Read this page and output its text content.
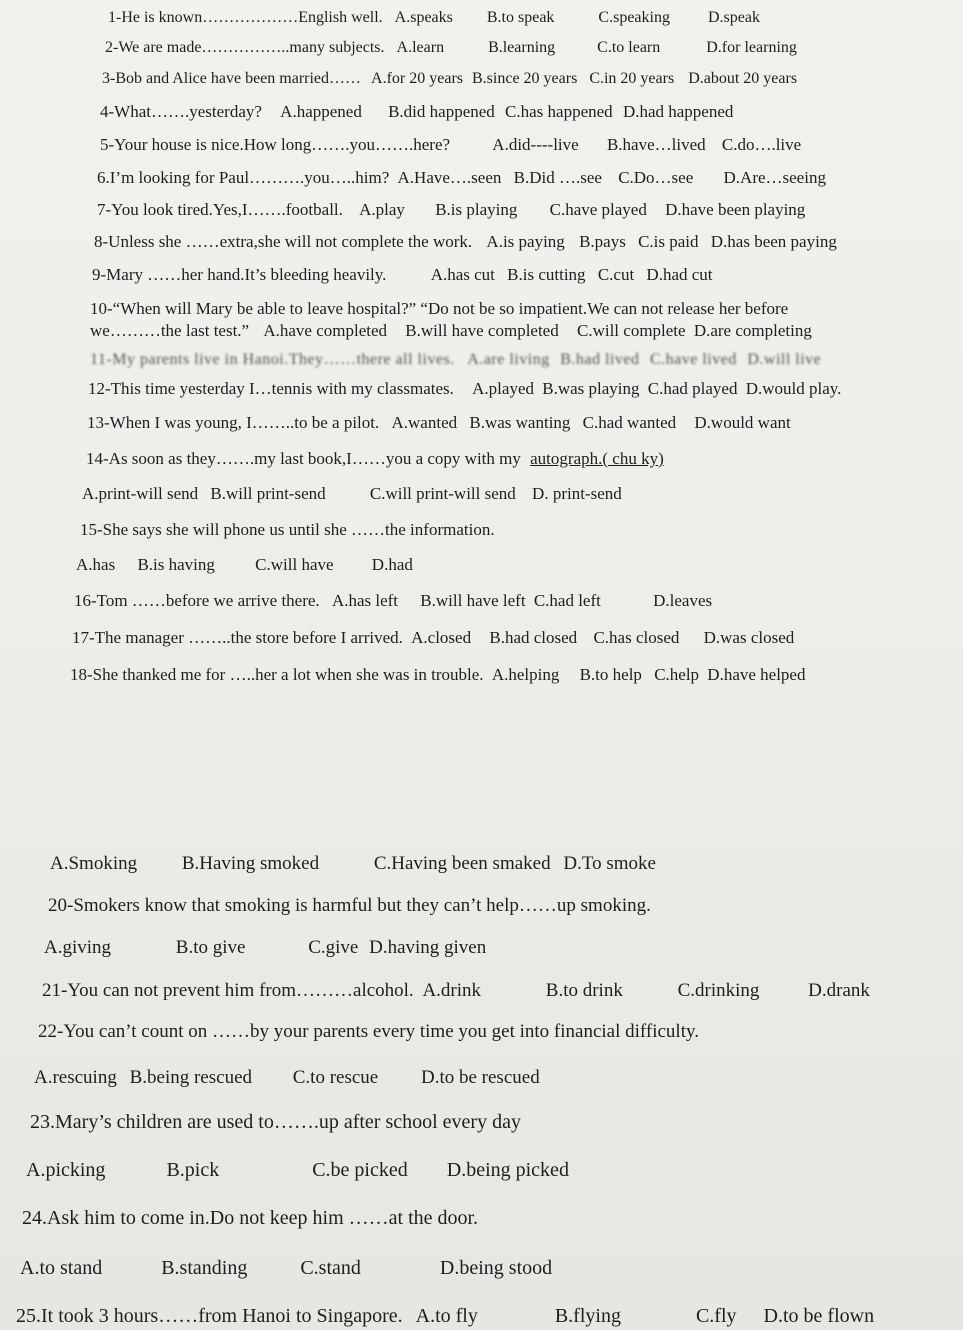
1-He is known………………English well. A.speaks B.to speak	C.speaking D.speak
2-We are made……………..many subjects. A.learn	B.learning	C.to learn	D.for learning
3-Bob and Alice have been married…… A.for 20 years B.since 20 years C.in 20 years D.about 20 years
4-What…….yesterday? A.happened B.did happened C.has happened D.had happened
5-Your house is nice.How long…….you…….here? A.did----live B.have…lived C.do….live
6.I’m looking for Paul……….you…..him? A.Have….seen B.Did ….see C.Do…see D.Are…seeing
7-You look tired.Yes,I…….football. A.play B.is playing C.have played D.have been playing
8-Unless she ……extra,she will not complete the work. A.is paying B.pays C.is paid D.has been paying
9-Mary ……her hand.It’s bleeding heavily.	A.has cut B.is cutting C.cut D.had cut
10-“When will Mary be able to leave hospital?” “Do not be so impatient.We can not release her before
we………the last test.” A.have completed B.will have completed C.will complete D.are completing
11-My parents live in Hanoi.They……there all lives. A.are living B.had lived C.have lived D.will live
12-This time yesterday I…tennis with my classmates. A.played B.was playing C.had played D.would play.
13-When I was young, I……..to be a pilot. A.wanted B.was wanting C.had wanted D.would want
14-As soon as they…….my last book,I……you a copy with my autograph.( chu ky)
A.print-will send B.will print-send	C.will print-will send D. print-send
15-She says she will phone us until she ……the information.
A.has B.is having C.will have D.had
16-Tom ……before we arrive there. A.has left B.will have left C.had left	D.leaves
17-The manager ……..the store before I arrived. A.closed B.had closed C.has closed D.was closed
18-She thanked me for …..her a lot when she was in trouble. A.helping B.to help C.help D.have helped
A.Smoking B.Having smoked	C.Having been smaked D.To smoke
20-Smokers know that smoking is harmful but they can’t help……up smoking.
A.giving	B.to give	C.give D.having given
21-You can not prevent him from………alcohol. A.drink	B.to drink	C.drinking	D.drank
22-You can’t count on ……by your parents every time you get into financial difficulty.
A.rescuing B.being rescued C.to rescue D.to be rescued
23.Mary’s children are used to…….up after school every day
A.picking	B.pick	C.be picked D.being picked
24.Ask him to come in.Do not keep him ……at the door.
A.to stand	B.standing	C.stand	D.being stood
25.It took 3 hours……from Hanoi to Singapore. A.to fly	B.flying	C.fly D.to be flown
